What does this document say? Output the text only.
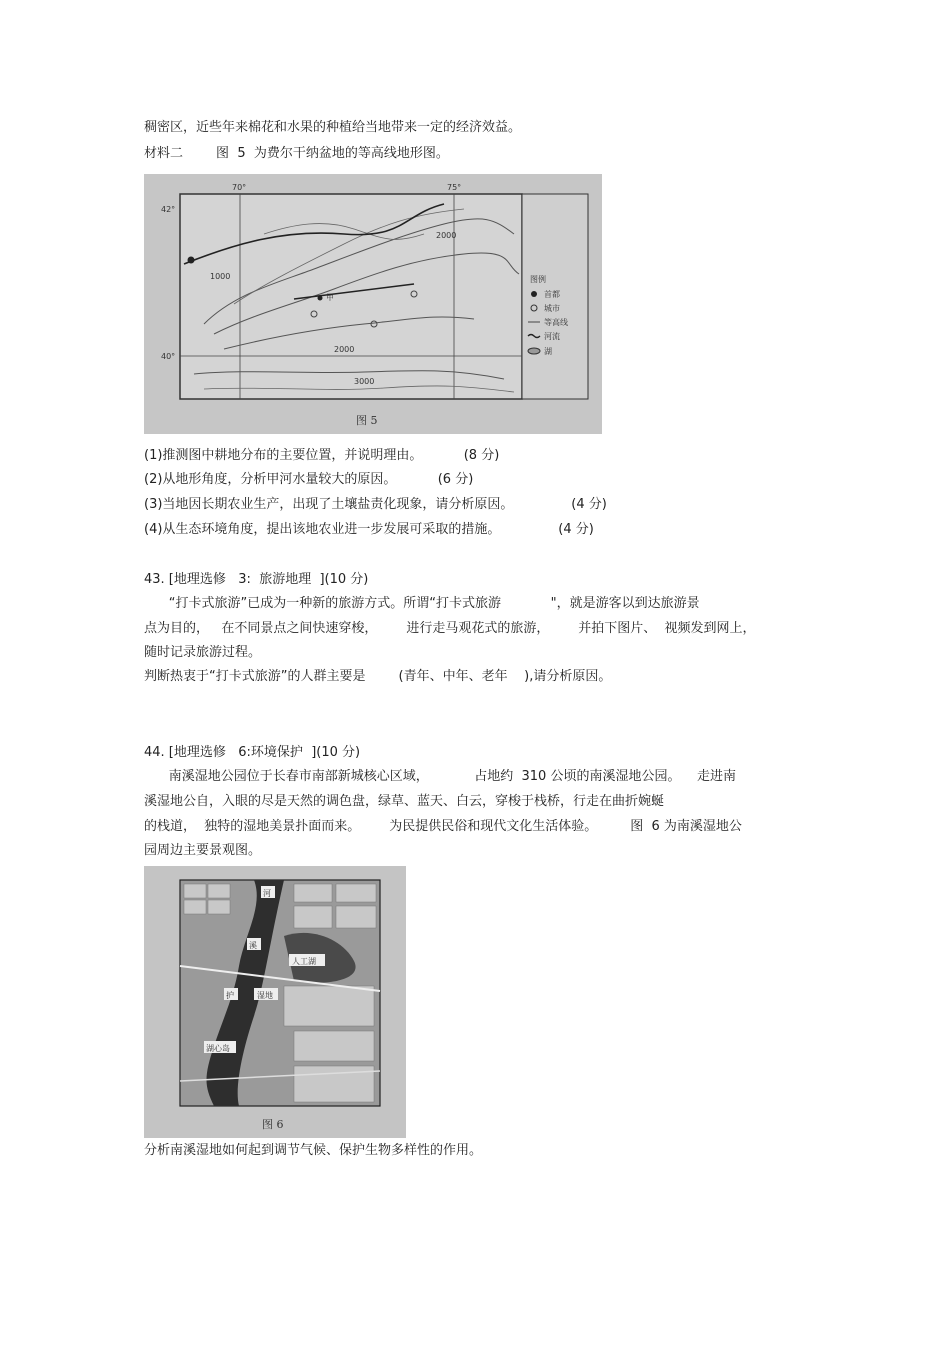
稠密区，近些年来棉花和水果的种植给当地带来一定的经济效益。
材料二        图  5  为费尔干纳盆地的等高线地形图。
70°	75°
42°
40°
1000
2000
3000
2000
甲
图例
首都
城市
等高线
河流
湖
图 5
(1)推测图中耕地分布的主要位置，并说明理由。          (8 分)
(2)从地形角度，分析甲河水量较大的原因。          (6 分)
(3)当地因长期农业生产，出现了土壤盐责化现象，请分析原因。              (4 分)
(4)从生态环境角度，提出该地农业进一步发展可采取的措施。              (4 分)
43. [地理选修   3:  旅游地理  ](10 分)
“打卡式旅游”已成为一种新的旅游方式。所谓“打卡式旅游            "，就是游客以到达旅游景
点为目的，   在不同景点之间快速穿梭，       进行走马观花式的旅游，       并拍下图片、  视频发到网上，
随时记录旅游过程。
判断热衷于“打卡式旅游”的人群主要是        (青年、中年、老年    ),请分析原因。
44. [地理选修   6:环境保护  ](10 分)
南溪湿地公园位于长春市南部新城核心区域，           占地约  310 公顷的南溪湿地公园。    走进南
溪湿地公自，入眼的尽是天然的调色盘，绿草、蓝天、白云，穿梭于栈桥，行走在曲折婉蜒
的栈道，  独特的湿地美景扑面而来。       为民提供民俗和现代文化生活体验。        图  6 为南溪湿地公
园周边主要景观图。
河
溪
人工湖
护	湿地
湖心岛
图 6
分析南溪湿地如何起到调节气候、保护生物多样性的作用。
